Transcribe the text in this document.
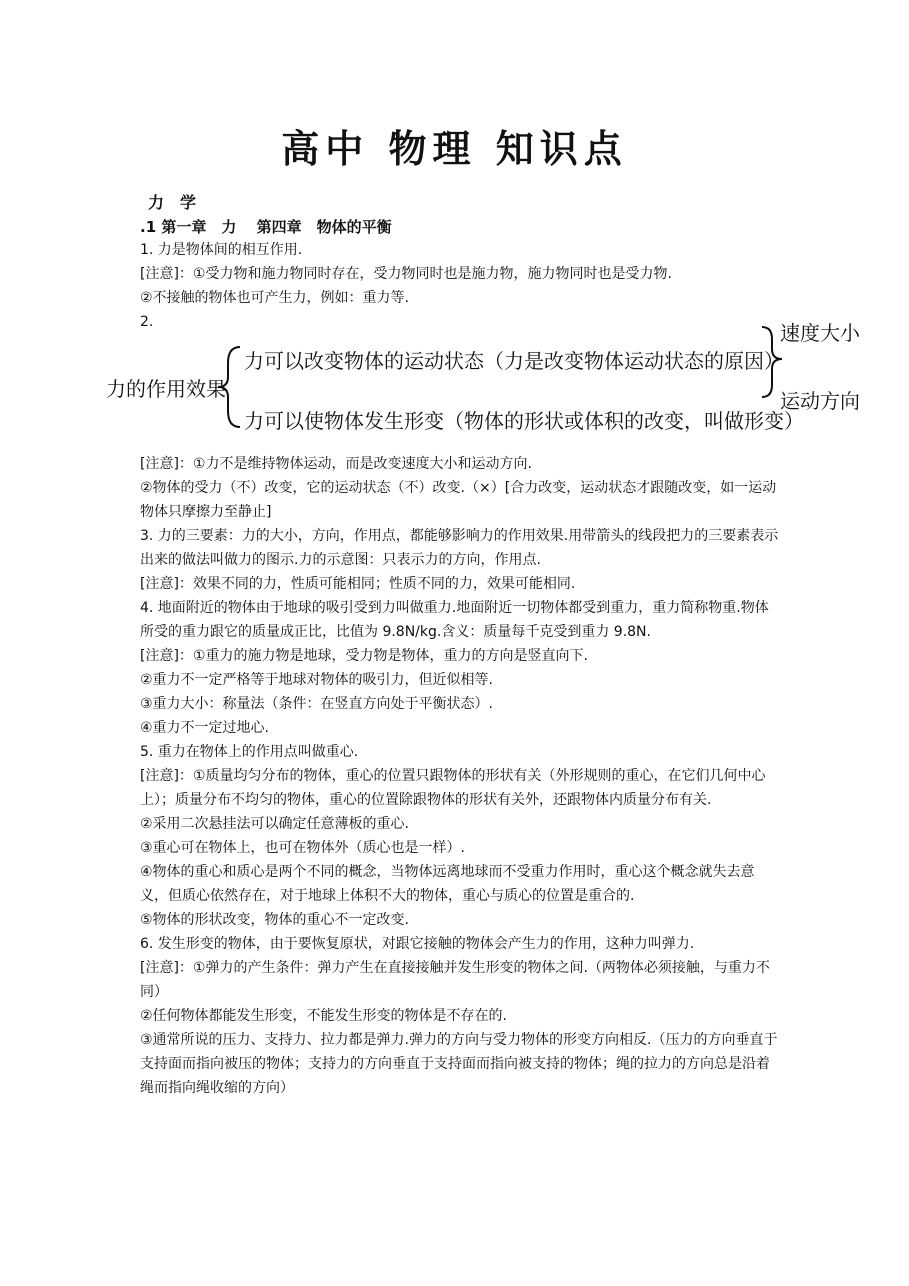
高中 物理 知识点
力　学
.1 第一章　力　 第四章　物体的平衡

1. 力是物体间的相互作用.

[注意]：①受力物和施力物同时存在，受力物同时也是施力物，施力物同时也是受力物.

②不接触的物体也可产生力，例如：重力等.

2.

力的作用效果
力可以改变物体的运动状态（力是改变物体运动状态的原因）
力可以使物体发生形变（物体的形状或体积的改变，叫做形变）
速度大小
运动方向

[注意]：①力不是维持物体运动，而是改变速度大小和运动方向.

②物体的受力（不）改变，它的运动状态（不）改变.（×）[合力改变，运动状态才跟随改变，如一运动物体只摩擦力至静止]

3. 力的三要素：力的大小，方向，作用点，都能够影响力的作用效果.用带箭头的线段把力的三要素表示出来的做法叫做力的图示.力的示意图：只表示力的方向，作用点.

[注意]：效果不同的力，性质可能相同；性质不同的力，效果可能相同.

4. 地面附近的物体由于地球的吸引受到力叫做重力.地面附近一切物体都受到重力，重力简称物重.物体所受的重力跟它的质量成正比，比值为 9.8N/kg.含义：质量每千克受到重力 9.8N.

[注意]：①重力的施力物是地球，受力物是物体，重力的方向是竖直向下.

②重力不一定严格等于地球对物体的吸引力，但近似相等.

③重力大小：称量法（条件：在竖直方向处于平衡状态）.

④重力不一定过地心.

5. 重力在物体上的作用点叫做重心.

[注意]：①质量均匀分布的物体，重心的位置只跟物体的形状有关（外形规则的重心，在它们几何中心上）；质量分布不均匀的物体，重心的位置除跟物体的形状有关外，还跟物体内质量分布有关.

②采用二次悬挂法可以确定任意薄板的重心.

③重心可在物体上，也可在物体外（质心也是一样）.

④物体的重心和质心是两个不同的概念，当物体远离地球而不受重力作用时，重心这个概念就失去意义，但质心依然存在，对于地球上体积不大的物体，重心与质心的位置是重合的.

⑤物体的形状改变，物体的重心不一定改变.

6. 发生形变的物体，由于要恢复原状，对跟它接触的物体会产生力的作用，这种力叫弹力.

[注意]：①弹力的产生条件：弹力产生在直接接触并发生形变的物体之间.（两物体必须接触，与重力不同）

②任何物体都能发生形变，不能发生形变的物体是不存在的.

③通常所说的压力、支持力、拉力都是弹力.弹力的方向与受力物体的形变方向相反.（压力的方向垂直于支持面而指向被压的物体；支持力的方向垂直于支持面而指向被支持的物体；绳的拉力的方向总是沿着绳而指向绳收缩的方向）
